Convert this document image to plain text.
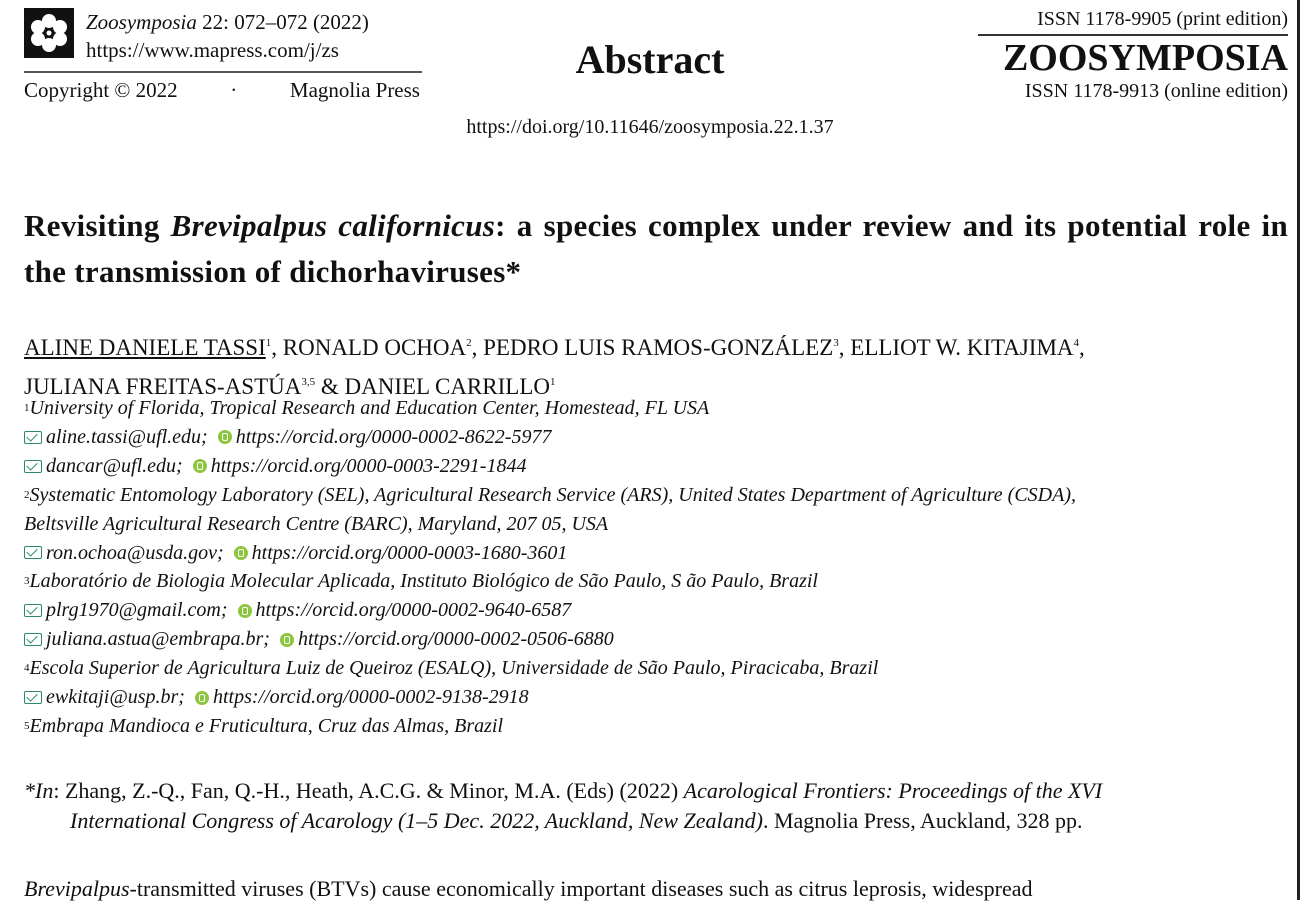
Zoosymposia 22: 072–072 (2022)
https://www.mapress.com/j/zs
Copyright © 2022	·	Magnolia Press
Abstract
ISSN 1178-9905 (print edition)
ZOOSYMPOSIA
ISSN 1178-9913 (online edition)
https://doi.org/10.11646/zoosymposia.22.1.37
Revisiting Brevipalpus californicus: a species complex under review and its potential role in the transmission of dichorhaviruses*
ALINE DANIELE TASSI$^1$, RONALD OCHOA$^2$, PEDRO LUIS RAMOS-GONZÁLEZ$^3$, ELLIOT W. KITAJIMA$^4$,
JULIANA FREITAS-ASTÚA$^{3,5}$ & DANIEL CARRILLO$^1$
1 University of Florida, Tropical Research and Education Center, Homestead, FL USA
aline.tassi@ufl.edu; https://orcid.org/0000-0002-8622-5977
dancar@ufl.edu; https://orcid.org/0000-0003-2291-1844
2 Systematic Entomology Laboratory (SEL), Agricultural Research Service (ARS), United States Department of Agriculture (CSDA),
Beltsville Agricultural Research Centre (BARC), Maryland, 207 05, USA
ron.ochoa@usda.gov; https://orcid.org/0000-0003-1680-3601
3 Laboratório de Biologia Molecular Aplicada, Instituto Biológico de São Paulo, S ão Paulo, Brazil
plrg1970@gmail.com; https://orcid.org/0000-0002-9640-6587
juliana.astua@embrapa.br; https://orcid.org/0000-0002-0506-6880
4 Escola Superior de Agricultura Luiz de Queiroz (ESALQ), Universidade de São Paulo, Piracicaba, Brazil
ewkitaji@usp.br; https://orcid.org/0000-0002-9138-2918
5 Embrapa Mandioca e Fruticultura, Cruz das Almas, Brazil
*In: Zhang, Z.-Q., Fan, Q.-H., Heath, A.C.G. & Minor, M.A. (Eds) (2022) Acarological Frontiers: Proceedings of the XVI
International Congress of Acarology (1–5 Dec. 2022, Auckland, New Zealand). Magnolia Press, Auckland, 328 pp.
Brevipalpus-transmitted viruses (BTVs) cause economically important diseases such as citrus leprosis, widespread
